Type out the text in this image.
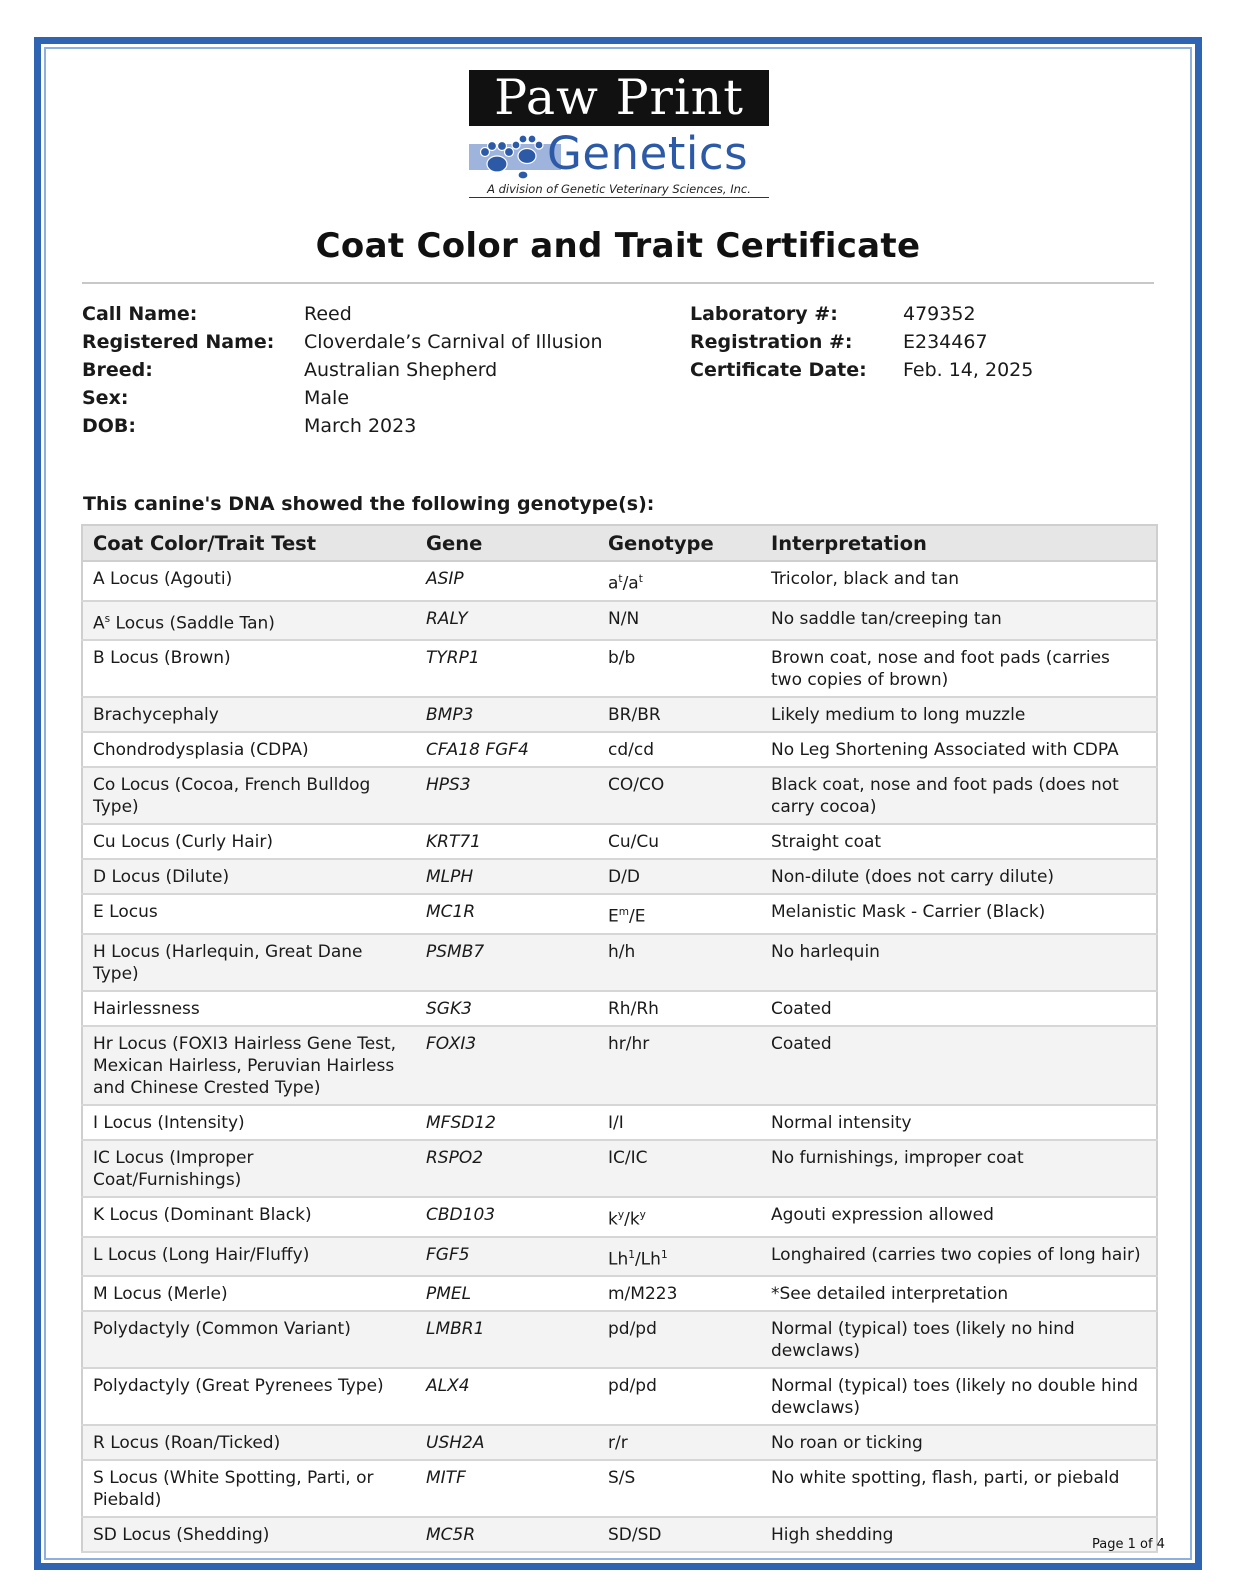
Paw Print
Genetics
A division of Genetic Veterinary Sciences, Inc.
Coat Color and Trait Certificate
Call Name:	Reed
Registered Name: Cloverdale’s Carnival of Illusion
Breed:	Australian Shepherd
Sex:	Male
DOB:	March 2023
Laboratory #:	479352
Registration #:	E234467
Certificate Date: Feb. 14, 2025
This canine's DNA showed the following genotype(s):
Coat Color/Trait Test	Gene	Genotype	Interpretation
A Locus (Agouti)	ASIP	$a^t/a^t$	Tricolor, black and tan
$A^s$ Locus (Saddle Tan)	RALY	N/N	No saddle tan/creeping tan
B Locus (Brown)	TYRP1	b/b	Brown coat, nose and foot pads (carries two copies of brown)
Brachycephaly	BMP3	BR/BR	Likely medium to long muzzle
Chondrodysplasia (CDPA)	CFA18 FGF4	cd/cd	No Leg Shortening Associated with CDPA
Co Locus (Cocoa, French Bulldog Type)	HPS3	CO/CO	Black coat, nose and foot pads (does not carry cocoa)
Cu Locus (Curly Hair)	KRT71	Cu/Cu	Straight coat
D Locus (Dilute)	MLPH	D/D	Non-dilute (does not carry dilute)
E Locus	MC1R	$E^m/E$	Melanistic Mask - Carrier (Black)
H Locus (Harlequin, Great Dane Type)	PSMB7	h/h	No harlequin
Hairlessness	SGK3	Rh/Rh	Coated
Hr Locus (FOXI3 Hairless Gene Test, Mexican Hairless, Peruvian Hairless and Chinese Crested Type)	FOXI3	hr/hr	Coated
I Locus (Intensity)	MFSD12	I/I	Normal intensity
IC Locus (Improper Coat/Furnishings)	RSPO2	IC/IC	No furnishings, improper coat
K Locus (Dominant Black)	CBD103	$k^y/k^y$	Agouti expression allowed
L Locus (Long Hair/Fluffy)	FGF5	Lh$^1$/Lh$^1$	Longhaired (carries two copies of long hair)
M Locus (Merle)	PMEL	m/M223	*See detailed interpretation
Polydactyly (Common Variant)	LMBR1	pd/pd	Normal (typical) toes (likely no hind dewclaws)
Polydactyly (Great Pyrenees Type)	ALX4	pd/pd	Normal (typical) toes (likely no double hind dewclaws)
R Locus (Roan/Ticked)	USH2A	r/r	No roan or ticking
S Locus (White Spotting, Parti, or Piebald)	MITF	S/S	No white spotting, flash, parti, or piebald
SD Locus (Shedding)	MC5R	SD/SD	High shedding	Page 1 of 4
